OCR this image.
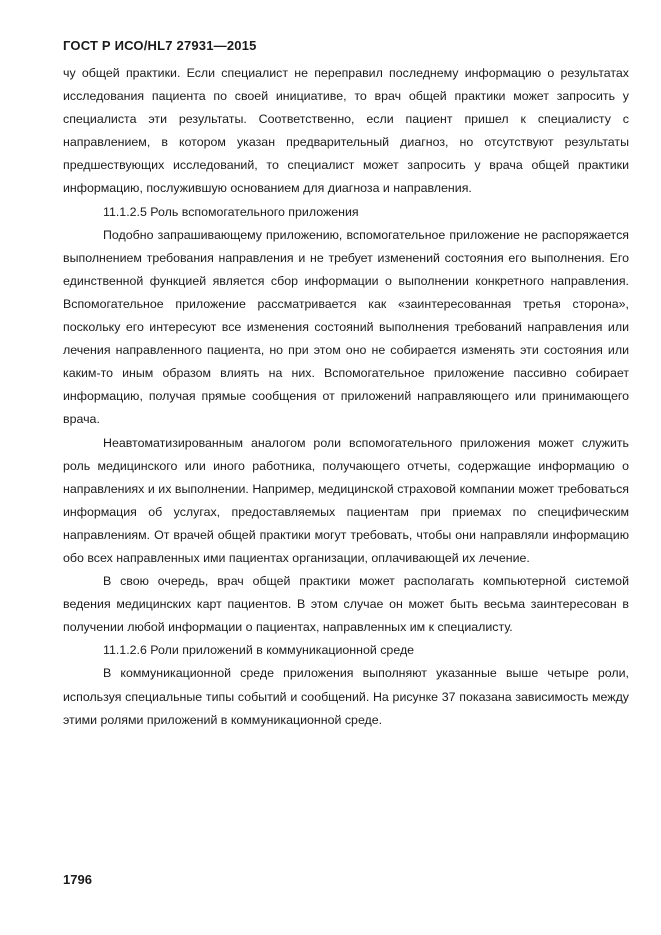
ГОСТ Р ИСО/HL7 27931—2015

чу общей практики. Если специалист не переправил последнему информацию о результатах исследования пациента по своей инициативе, то врач общей практики может запросить у специалиста эти результаты. Соответственно, если пациент пришел к специалисту с направлением, в котором указан предварительный диагноз, но отсутствуют результаты предшествующих исследований, то специалист может запросить у врача общей практики информацию, послужившую основанием для диагноза и направления.

11.1.2.5 Роль вспомогательного приложения

Подобно запрашивающему приложению, вспомогательное приложение не распоряжается выполнением требования направления и не требует изменений состояния его выполнения. Его единственной функцией является сбор информации о выполнении конкретного направления. Вспомогательное приложение рассматривается как «заинтересованная третья сторона», поскольку его интересуют все изменения состояний выполнения требований направления или лечения направленного пациента, но при этом оно не собирается изменять эти состояния или каким-то иным образом влиять на них. Вспомогательное приложение пассивно собирает информацию, получая прямые сообщения от приложений направляющего или принимающего врача.

Неавтоматизированным аналогом роли вспомогательного приложения может служить роль медицинского или иного работника, получающего отчеты, содержащие информацию о направлениях и их выполнении. Например, медицинской страховой компании может требоваться информация об услугах, предоставляемых пациентам при приемах по специфическим направлениям. От врачей общей практики могут требовать, чтобы они направляли информацию обо всех направленных ими пациентах организации, оплачивающей их лечение.

В свою очередь, врач общей практики может располагать компьютерной системой ведения медицинских карт пациентов. В этом случае он может быть весьма заинтересован в получении любой информации о пациентах, направленных им к специалисту.

11.1.2.6 Роли приложений в коммуникационной среде

В коммуникационной среде приложения выполняют указанные выше четыре роли, используя специальные типы событий и сообщений. На рисунке 37 показана зависимость между этими ролями приложений в коммуникационной среде.

1796
